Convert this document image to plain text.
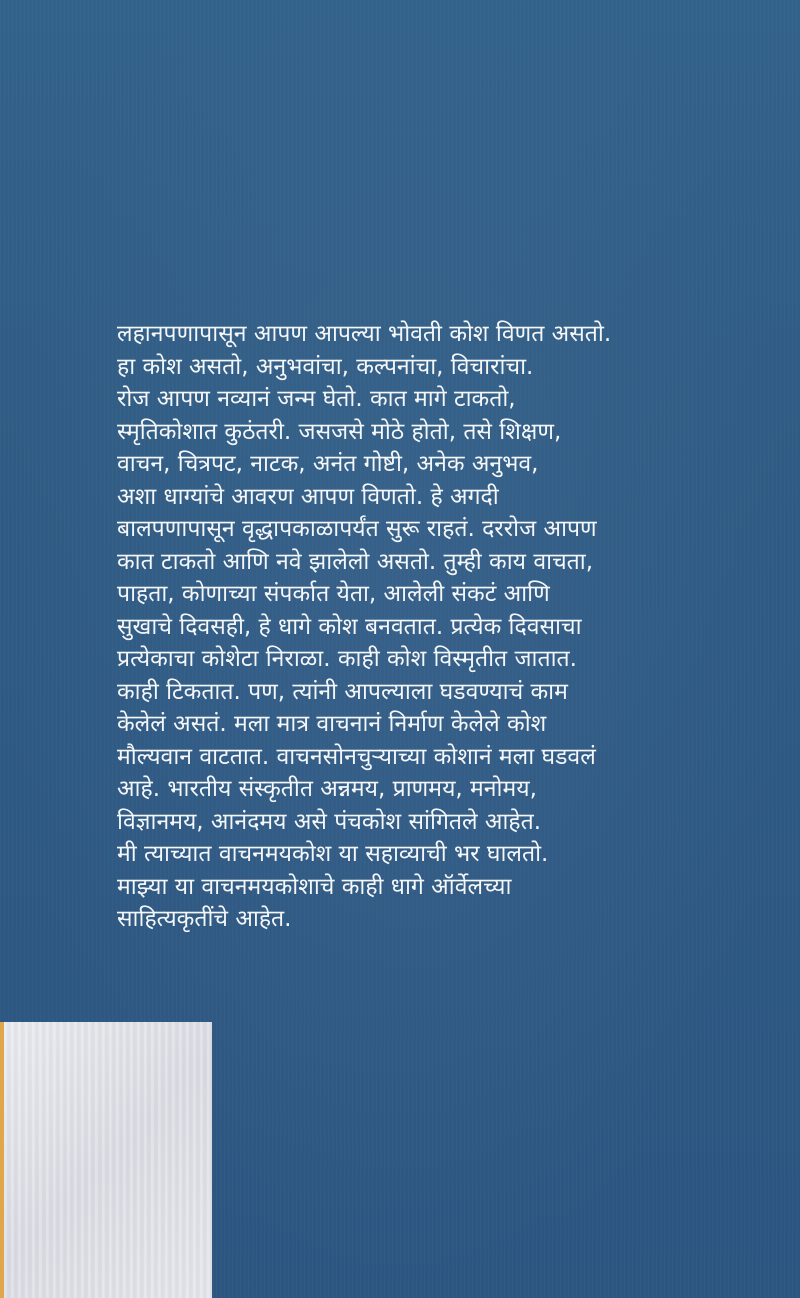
लहानपणापासून आपण आपल्या भोवती कोश विणत असतो.
हा कोश असतो, अनुभवांचा, कल्पनांचा, विचारांचा.
रोज आपण नव्यानं जन्म घेतो. कात मागे टाकतो,
स्मृतिकोशात कुठंतरी. जसजसे मोठे होतो, तसे शिक्षण,
वाचन, चित्रपट, नाटक, अनंत गोष्टी, अनेक अनुभव,
अशा धाग्यांचे आवरण आपण विणतो. हे अगदी
बालपणापासून वृद्धापकाळापर्यंत सुरू राहतं. दररोज आपण
कात टाकतो आणि नवे झालेलो असतो. तुम्ही काय वाचता,
पाहता, कोणाच्या संपर्कात येता, आलेली संकटं आणि
सुखाचे दिवसही, हे धागे कोश बनवतात. प्रत्येक दिवसाचा
प्रत्येकाचा कोशेटा निराळा. काही कोश विस्मृतीत जातात.
काही टिकतात. पण, त्यांनी आपल्याला घडवण्याचं काम
केलेलं असतं. मला मात्र वाचनानं निर्माण केलेले कोश
मौल्यवान वाटतात. वाचनसोनचुऱ्याच्या कोशानं मला घडवलं
आहे. भारतीय संस्कृतीत अन्नमय, प्राणमय, मनोमय,
विज्ञानमय, आनंदमय असे पंचकोश सांगितले आहेत.
मी त्याच्यात वाचनमयकोश या सहाव्याची भर घालतो.
माझ्या या वाचनमयकोशाचे काही धागे ऑर्वेलच्या
साहित्यकृतींचे आहेत.
